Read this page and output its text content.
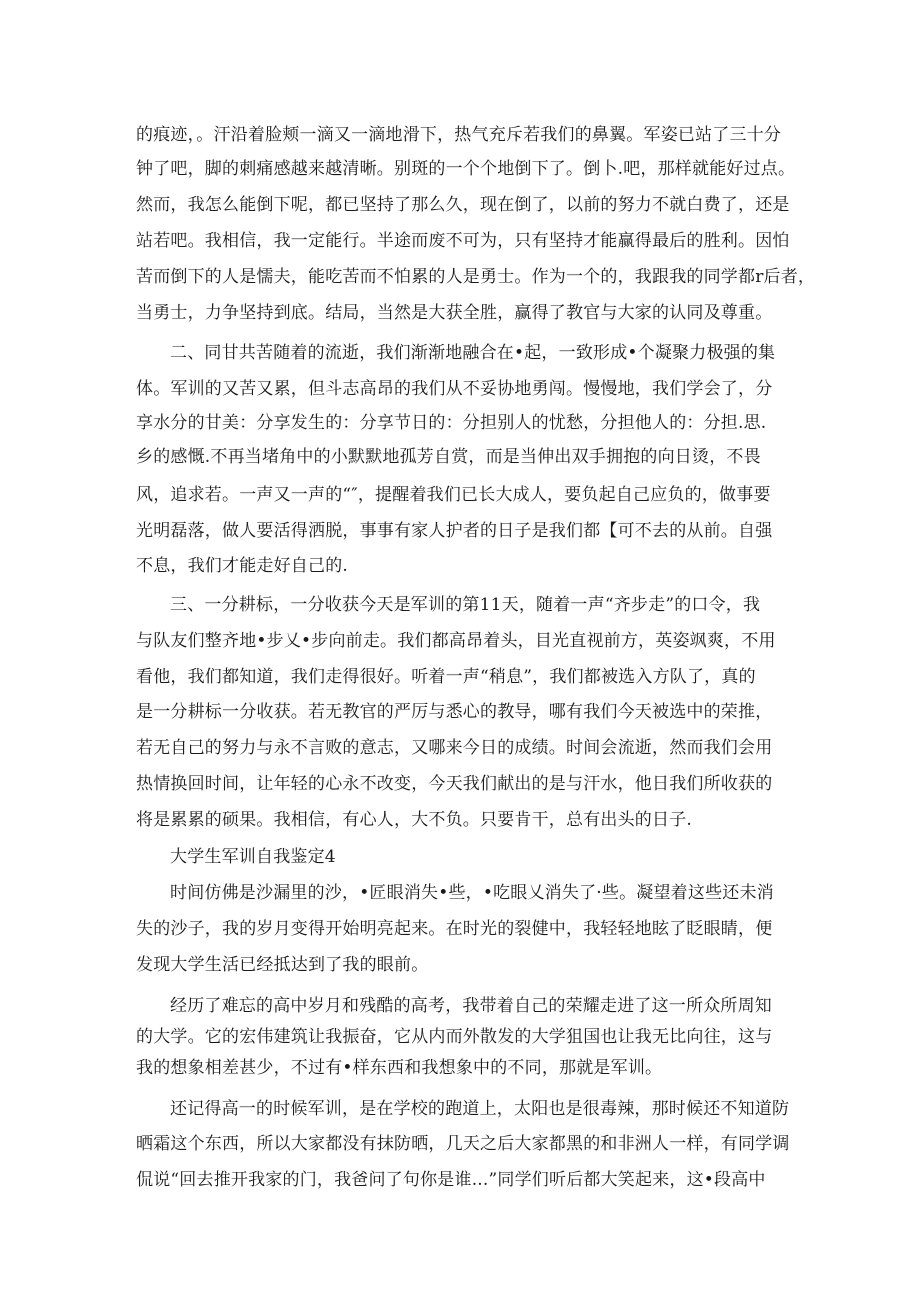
的痕迹，。汗沿着脸颊一滴又一滴地滑下，热气充斥若我们的鼻翼。军姿已站了三十分
钟了吧，脚的刺痛感越来越清晰。别斑的一个个地倒下了。倒卜.吧，那样就能好过点。
然而，我怎么能倒下呢，都已坚持了那么久，现在倒了，以前的努力不就白费了，还是
站若吧。我相信，我一定能行。半途而废不可为，只有坚持才能赢得最后的胜利。因怕
苦而倒下的人是懦夫，能吃苦而不怕累的人是勇士。作为一个的，我跟我的同学都r后者，
当勇士，力争坚持到底。结局，当然是大获全胜，赢得了教官与大家的认同及尊重。
二、同甘共苦随着的流逝，我们渐渐地融合在•起，一致形成•个凝聚力极强的集
体。军训的又苦又累，但斗志高昂的我们从不妥协地勇闯。慢慢地，我们学会了，分
享水分的甘美：分享发生的：分享节日的：分担别人的忧愁，分担他人的：分担.思.
乡的感慨.不再当堵角中的小默默地孤芳自赏，而是当伸出双手拥抱的向日烫，不畏
风，追求若。一声又一声的“″，提醒着我们已长大成人，要负起自己应负的，做事要
光明磊落，做人要活得洒脱，事事有家人护者的日子是我们都【可不去的从前。自强
不息，我们才能走好自己的.
三、一分耕标，一分收获今天是军训的第11天，随着一声“齐步走”的口令，我
与队友们整齐地•步乂•步向前走。我们都高昂着头，目光直视前方，英姿飒爽，不用
看他，我们都知道，我们走得很好。听着一声“稍息”，我们都被选入方队了，真的
是一分耕标一分收获。若无教官的严厉与悉心的教导，哪有我们今天被选中的荣推，
若无自己的努力与永不言败的意志，又哪来今日的成绩。时间会流逝，然而我们会用
热情换回时间，让年轻的心永不改变，今天我们献出的是与汗水，他日我们所收获的
将是累累的硕果。我相信，有心人，大不负。只要肯干，总有出头的日子.
大学生军训自我鉴定4
时间仿佛是沙漏里的沙，•匠眼消失•些，•吃眼乂消失了·些。凝望着这些还未消
失的沙子，我的岁月变得开始明亮起来。在时光的裂健中，我轻轻地眩了眨眼睛，便
发现大学生活已经抵达到了我的眼前。
经历了难忘的高中岁月和残酷的高考，我带着自己的荣耀走进了这一所众所周知
的大学。它的宏伟建筑让我振奋，它从内而外散发的大学狙国也让我无比向往，这与
我的想象相差甚少，不过有•样东西和我想象中的不同，那就是军训。
还记得高一的时候军训，是在学校的跑道上，太阳也是很毒辣，那时候还不知道防
晒霜这个东西，所以大家都没有抹防晒，几天之后大家都黑的和非洲人一样，有同学调
侃说“回去推开我家的门，我爸问了句你是谁...”同学们听后都大笑起来，这•段高中
